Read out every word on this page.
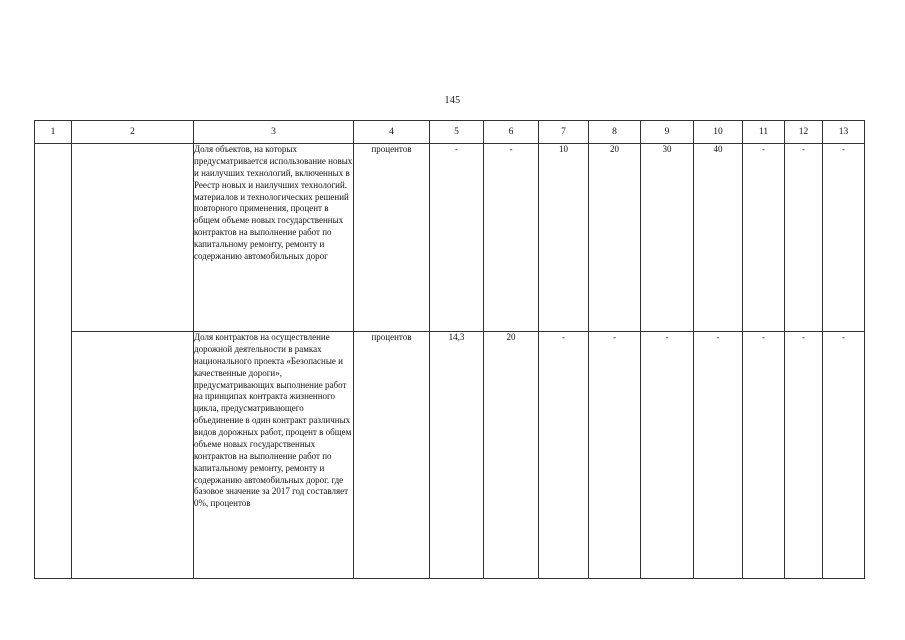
145
1	2	3	4	5	6	7	8	9	10	11	12	13
		Доля объектов, на которых предусматривается использование новых и наилучших технологий, включенных в Реестр новых и наилучших технологий. материалов и технологических решений повторного применения, процент в общем объеме новых государственных контрактов на выполнение работ по капитальному ремонту, ремонту и содержанию автомобильных дорог	процентов	-	-	10	20	30	40	-	-	-
		Доля контрактов на осуществление дорожной деятельности в рамках национального проекта «Безопасные и качественные дороги», предусматривающих выполнение работ на принципах контракта жизненного цикла, предусматривающего объединение в один контракт различных видов дорожных работ, процент в общем объеме новых государственных контрактов на выполнение работ по капитальному ремонту, ремонту и содержанию автомобильных дорог. где базовое значение за 2017 год составляет 0%, процентов	процентов	14,3	20	-	-	-	-	-	-	-
